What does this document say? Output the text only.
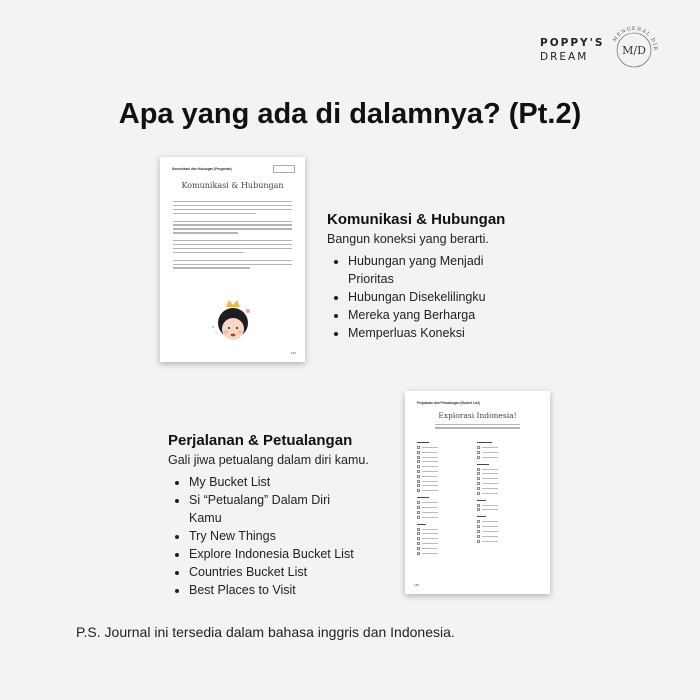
POPPY'S
DREAM
MENGENAL DIR
M/D
Apa yang ada di dalamnya? (Pt.2)
Komunikasi dan Hubungan (Pengantar)
Komunikasi & Hubungan
162
Komunikasi & Hubungan
Bangun koneksi yang berarti.
• Hubungan yang Menjadi Prioritas
• Hubungan Disekelilingku
• Mereka yang Berharga
• Memperluas Koneksi
Perjalanan dan Petualangan (Bucket List)
Explorasi Indonesia!
▬▬▬▬
▬▬▬▬
▬▬▬
▬▬▬▬▬
▬▬▬▬
▬▬▬
▬▬▬
183
Perjalanan & Petualangan
Gali jiwa petualang dalam diri kamu.
• My Bucket List
• Si “Petualang” Dalam Diri Kamu
• Try New Things
• Explore Indonesia Bucket List
• Countries Bucket List
• Best Places to Visit
P.S. Journal ini tersedia dalam bahasa inggris dan Indonesia.
